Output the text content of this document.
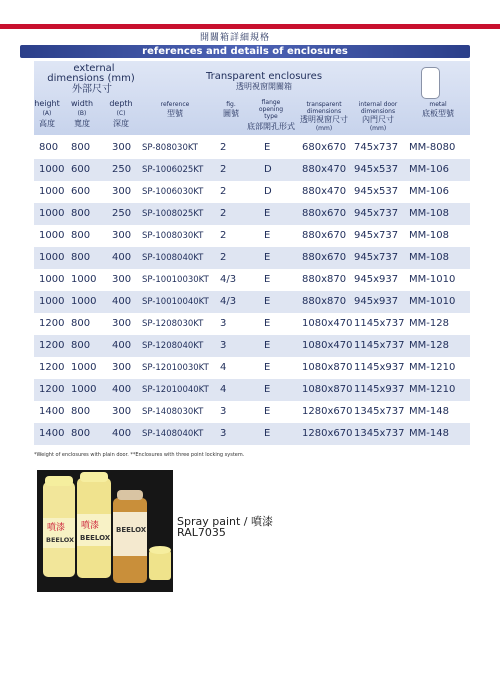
開關箱詳細規格
references and details of enclosures
external
dimensions (mm)
外部尺寸
height
(A)
高度
width
(B)
寬度
depth
(C)
深度
Transparent enclosures
透明視窗開關箱
reference
型號
fig.
圖號
flange opening
type
底部開孔形式
transparent dimensions
透明視窗尺寸
(mm)
internal door dimensions
內門尺寸
(mm)
metal
底板型號
800 800 300 SP-808030KT 2	E	680x670 745x737 MM-8080
1000 600 250 SP-1006025KT 2	D	880x470 945x537 MM-106
1000 600 300 SP-1006030KT 2	D	880x470 945x537 MM-106
1000 800 250 SP-1008025KT 2	E	880x670 945x737 MM-108
1000 800 300 SP-1008030KT 2	E	880x670 945x737 MM-108
1000 800 400 SP-1008040KT 2	E	880x670 945x737 MM-108
1000 1000 300 SP-10010030KT 4/3	E	880x870 945x937 MM-1010
1000 1000 400 SP-10010040KT 4/3	E	880x870 945x937 MM-1010
1200 800 300 SP-1208030KT 3	E	1080x470 1145x737 MM-128
1200 800 400 SP-1208040KT 3	E	1080x470 1145x737 MM-128
1200 1000 300 SP-12010030KT 4	E	1080x870 1145x937 MM-1210
1200 1000 400 SP-12010040KT 4	E	1080x870 1145x937 MM-1210
1400 800 300 SP-1408030KT 3	E	1280x670 1345x737 MM-148
1400 800 400 SP-1408040KT 3	E	1280x670 1345x737 MM-148
*Weight of enclosures with plain door. **Enclosures with three point locking system.
噴漆 噴漆
BEELOX BEELOX
BEELOX
Spray paint / 噴漆
RAL7035
